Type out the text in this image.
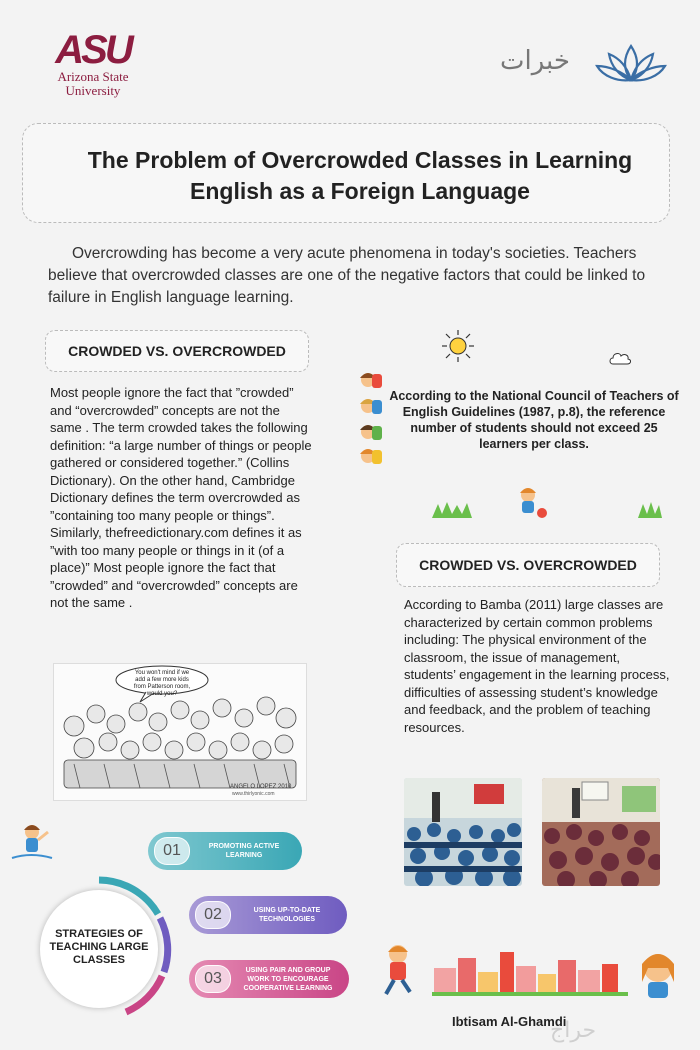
ASU
Arizona State
University
خبرات
The Problem of Overcrowded Classes in Learning English as a Foreign Language
Overcrowding has become a very acute phenomena in today's societies. Teachers believe that overcrowded classes are one of the negative factors that could be linked to failure in English language learning.
CROWDED VS. OVERCROWDED
Most people ignore the fact that ”crowded” and “overcrowded” concepts are not the same . The term crowded takes the following definition: “a large number of things or people gathered or considered together.” (Collins Dictionary). On the other hand, Cambridge Dictionary defines the term overcrowded as ”containing too many people or things”. Similarly, thefreedictionary.com defines it as ”with too many people or things in it (of a place)” Most people ignore the fact that ”crowded” and “overcrowded” concepts are not the same .
According to the National Council of Teachers of English Guidelines (1987, p.8), the reference number of students should not exceed 25 learners per class.
CROWDED VS. OVERCROWDED
According to Bamba (2011) large classes are characterized by certain common problems including: The physical environment of the classroom, the issue of management, students’ engagement in the learning process, difficulties of assessing student’s knowledge and feedback, and the problem of teaching resources.
You won't mind if we add a few more kids from Patterson room, would you?
ANGELO LOPEZ 2010
www.thirlyonic.com
STRATEGIES OF TEACHING LARGE CLASSES
01	PROMOTING ACTIVE LEARNING
02	USING UP-TO-DATE TECHNOLOGIES
03	USING PAIR AND GROUP WORK TO ENCOURAGE COOPERATIVE LEARNING
Ibtisam Al-Ghamdi
حراج
